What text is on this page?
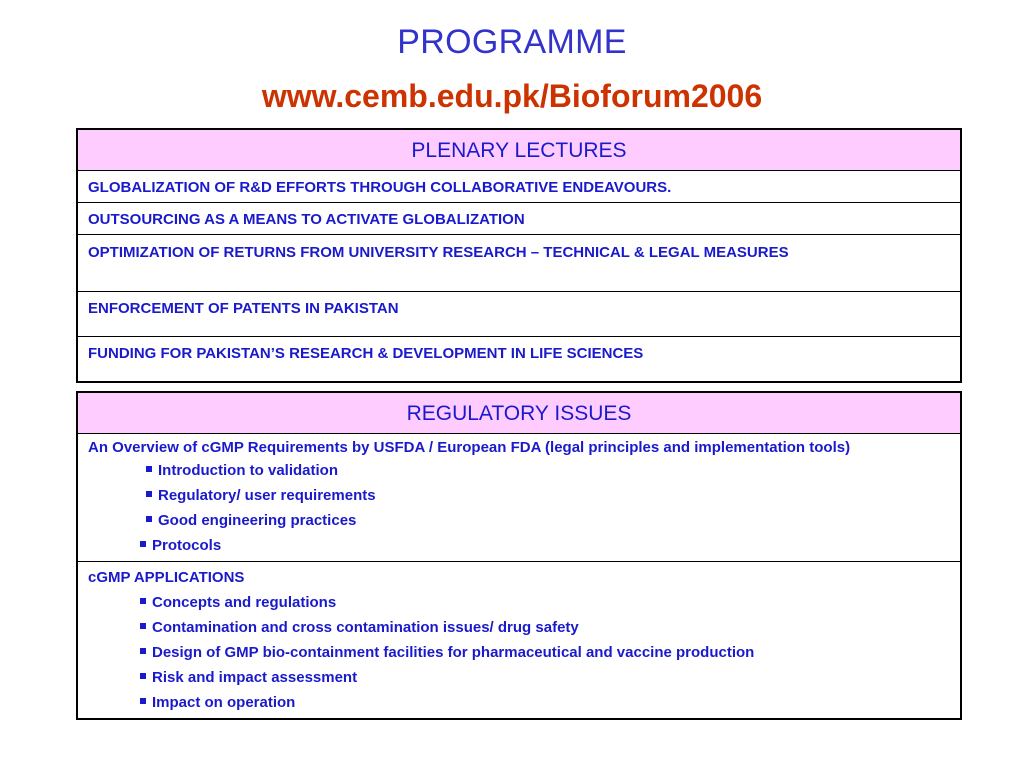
PROGRAMME
www.cemb.edu.pk/Bioforum2006
PLENARY LECTURES
GLOBALIZATION OF R&D EFFORTS THROUGH COLLABORATIVE ENDEAVOURS.
OUTSOURCING AS A MEANS TO ACTIVATE GLOBALIZATION
OPTIMIZATION OF RETURNS FROM UNIVERSITY RESEARCH – TECHNICAL & LEGAL MEASURES
ENFORCEMENT OF PATENTS IN PAKISTAN
FUNDING FOR PAKISTAN’S RESEARCH & DEVELOPMENT IN LIFE SCIENCES
REGULATORY ISSUES

An Overview of cGMP Requirements by USFDA / European FDA (legal principles and implementation tools)
Introduction to validation
Regulatory/ user requirements
Good engineering practices
Protocols

cGMP APPLICATIONS
Concepts and regulations
Contamination and cross contamination issues/ drug safety
Design of GMP bio-containment facilities for pharmaceutical and vaccine production
Risk and impact assessment
Impact on operation
